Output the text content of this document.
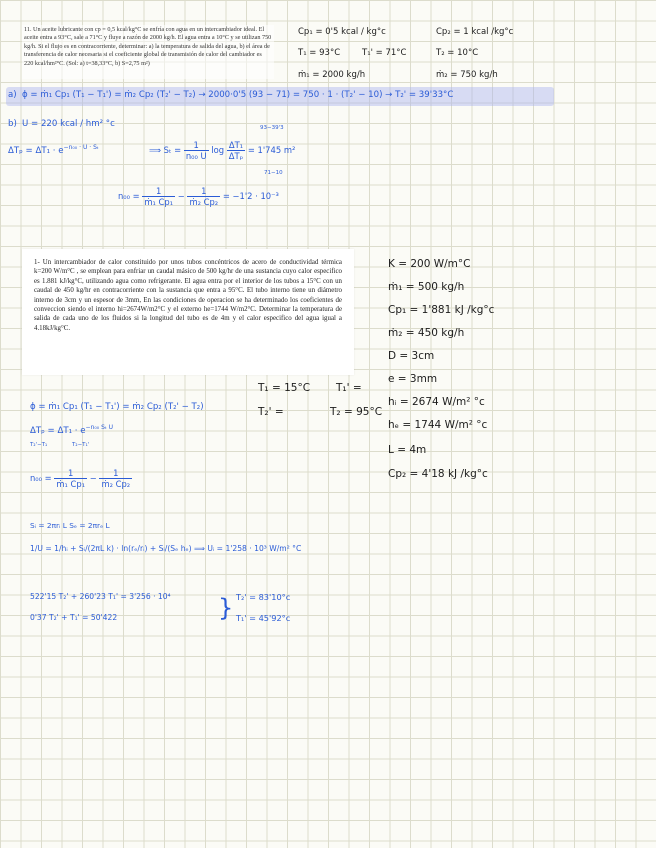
11. Un aceite lubricante con cp = 0,5 kcal/kg°C se enfría con agua en un intercambiador ideal. El aceite entra a 93°C, sale a 71°C y fluye a razón de 2000 kg/h. El agua entra a 10°C y se utilizan 750 kg/h. Si el flujo es en contracorriente, determinar: a) la temperatura de salida del agua, b) el área de transferencia de calor necesaria si el coeficiente global de transmisión de calor del cambiador es 220 kcal/hm²°C. (Sol: a) t=38,33°C, b) S=2,75 m²)
Cp₁ = 0'5 kcal / kg°c
T₁ = 93°C	T₁' = 71°C
ṁ₁ = 2000 kg/h
Cp₂ = 1 kcal /kg°c
T₂ = 10°C
ṁ₂ = 750 kg/h
a) ϕ = ṁ₁ Cp₁ (T₁ − T₁') = ṁ₂ Cp₂ (T₂' − T₂) → 2000·0'5 (93 − 71) = 750 · 1 · (T₂' − 10) → T₂' = 39'33°C
b) U = 220 kcal / hm² °c
$\Delta T_p = \Delta T_1 \cdot e^{-n_{00} \cdot U \cdot S_t}$	⟹ $S_t = \frac{1}{\text{n₀₀ U}}$ $\log \frac{\text{ΔT₁}}{\text{ΔTₚ}} = 1'745$ m²
93−39'3
71−10
$n_{00} = \frac{1}{\text{ṁ₁ Cp₁}} - \frac{1}{\text{ṁ₂ Cp₂}} = -1'2 \cdot 10^{-3}$
1- Un intercambiador de calor constituido por unos tubos concéntricos de acero de conductividad térmica k=200 W/m°C , se emplean para enfriar un caudal másico de 500 kg/hr de una sustancia cuyo calor especifico es 1.881 kJ/kg°C, utilizando agua como refrigerante. El agua entra por el interior de los tubos a 15°C con un caudal de 450 kg/hr en contracorriente con la sustancia que entra a 95°C. El tubo interno tiene un diámetro interno de 3cm y un espesor de 3mm, En las condiciones de operacion se ha determinado los coeficientes de conveccion siendo el interno hi=2674W/m2°C y el externo he=1744 W/m2°C. Determinar la temperatura de salida de cada uno de los fluidos si la longitud del tubo es de 4m y el calor especifico del agua igual a 4.18kJ/kg°C.
K = 200 W/m°C
ṁ₁ = 500 kg/h
Cp₁ = 1'881 kJ /kg°c
ṁ₂ = 450 kg/h
D = 3cm
e = 3mm
hᵢ = 2674 W/m² °c
hₑ = 1744 W/m² °c
L = 4m
Cp₂ = 4'18 kJ /kg°c
T₁ = 15°C T₁' =
T₂' =	T₂ = 95°C
ϕ = ṁ₁ Cp₁ (T₁ − T₁') = ṁ₂ Cp₂ (T₂' − T₂)
$\Delta T_p = \Delta T_1 \cdot e^{-n_{00} S_t U}$
T₂'−T₁	T₂−T₁'
$n_{00} = \frac{1}{\text{ṁ₁ Cp₁}} - \frac{1}{\text{ṁ₂ Cp₂}}$
Sᵢ = 2πrᵢ L Sₑ = 2πrₑ L
1/U = 1/hᵢ + Sᵢ/(2πL k) · ln(rₑ/rᵢ) + Sᵢ/(Sₑ hₑ) ⟹ Uᵢ = 1'258 · 10³ W/m² °C
522'15 T₂' + 260'23 T₁' = 3'256 · 10⁴
0'37 T₂' + T₁' = 50'422	} T₂' = 83'10°c
T₁' = 45'92°c
